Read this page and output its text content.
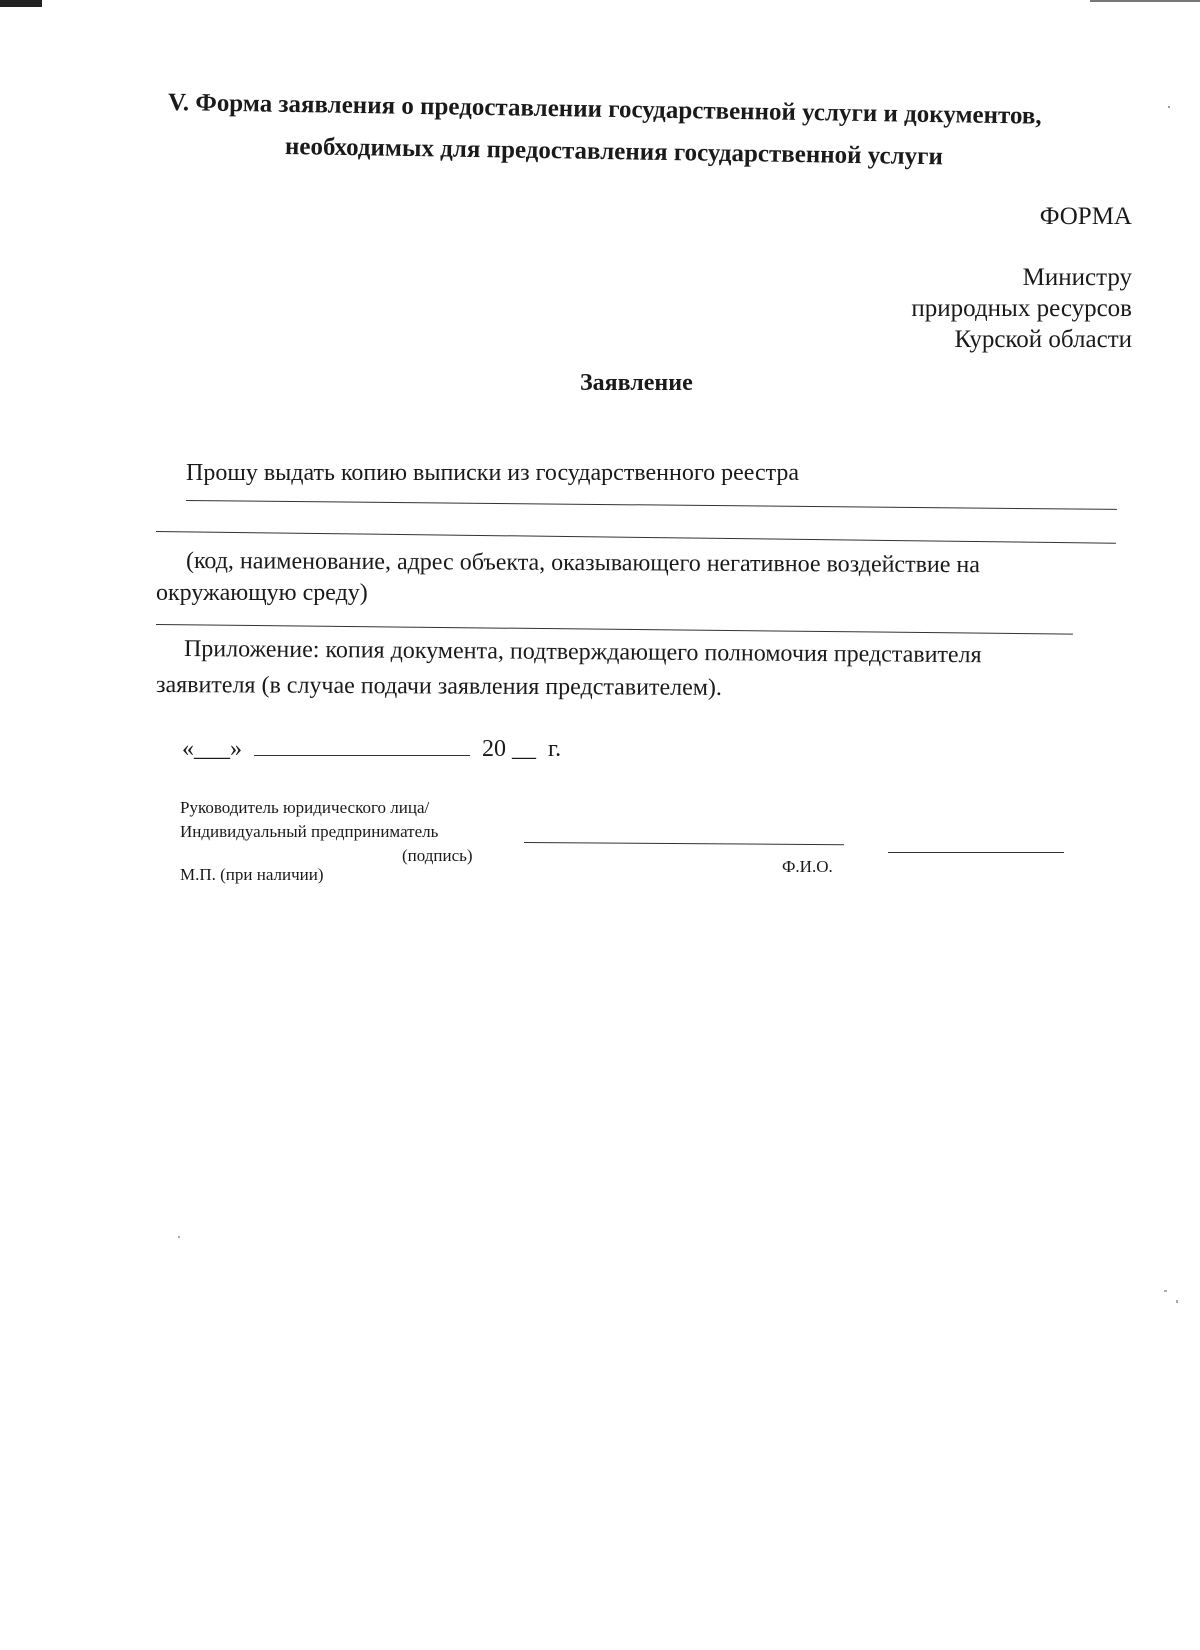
V. Форма заявления о предоставлении государственной услуги и документов,
необходимых для предоставления государственной услуги
ФОРМА
Министру
природных ресурсов
Курской области
Заявление
Прошу выдать копию выписки из государственного реестра
(код, наименование, адрес объекта, оказывающего негативное воздействие на
окружающую среду)
Приложение: копия документа, подтверждающего полномочия представителя
заявителя (в случае подачи заявления представителем).
«___»	20 __ г.
Руководитель юридического лица/
Индивидуальный предприниматель
(подпись)
М.П. (при наличии)	Ф.И.О.
